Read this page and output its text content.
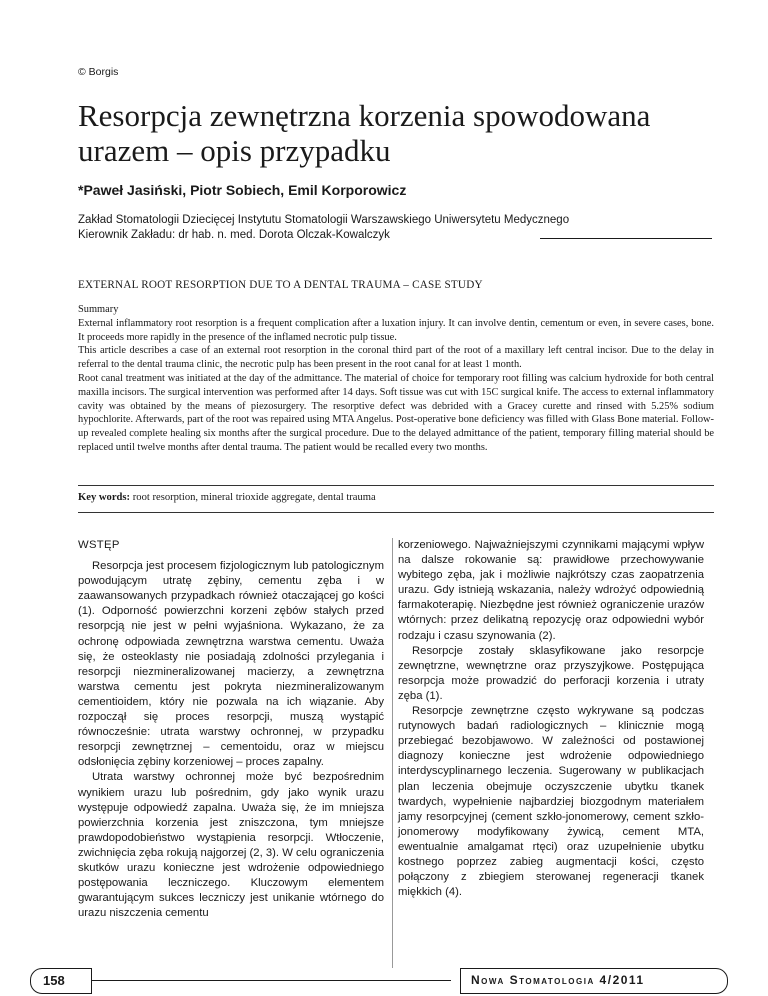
© Borgis
Resorpcja zewnętrzna korzenia spowodowana urazem – opis przypadku
*Paweł Jasiński, Piotr Sobiech, Emil Korporowicz
Zakład Stomatologii Dziecięcej Instytutu Stomatologii Warszawskiego Uniwersytetu Medycznego
Kierownik Zakładu: dr hab. n. med. Dorota Olczak-Kowalczyk
EXTERNAL ROOT RESORPTION DUE TO A DENTAL TRAUMA – CASE STUDY

Summary

External inflammatory root resorption is a frequent complication after a luxation injury. It can involve dentin, cementum or even, in severe cases, bone. It proceeds more rapidly in the presence of the inflamed necrotic pulp tissue.

This article describes a case of an external root resorption in the coronal third part of the root of a maxillary left central incisor. Due to the delay in referral to the dental trauma clinic, the necrotic pulp has been present in the root canal for at least 1 month.

Root canal treatment was initiated at the day of the admittance. The material of choice for temporary root filling was calcium hydroxide for both central maxilla incisors. The surgical intervention was performed after 14 days. Soft tissue was cut with 15C surgical knife. The access to external inflammatory cavity was obtained by the means of piezosurgery. The resorptive defect was debrided with a Gracey curette and rinsed with 5.25% sodium hypochlorite. Afterwards, part of the root was repaired using MTA Angelus. Post-operative bone deficiency was filled with Glass Bone material. Follow-up revealed complete healing six months after the surgical procedure. Due to the delayed admittance of the patient, temporary filling material should be replaced until twelve months after dental trauma. The patient would be recalled every two months.

Key words: root resorption, mineral trioxide aggregate, dental trauma
WSTĘP

Resorpcja jest procesem fizjologicznym lub patologicznym powodującym utratę zębiny, cementu zęba i w zaawansowanych przypadkach również otaczającej go kości (1). Odporność powierzchni korzeni zębów stałych przed resorpcją nie jest w pełni wyjaśniona. Wykazano, że za ochronę odpowiada zewnętrzna warstwa cementu. Uważa się, że osteoklasty nie posiadają zdolności przylegania i resorpcji niezmineralizowanej macierzy, a zewnętrzna warstwa cementu jest pokryta niezmineralizowanym cementioidem, który nie pozwala na ich wiązanie. Aby rozpoczął się proces resorpcji, muszą wystąpić równocześnie: utrata warstwy ochronnej, w przypadku resorpcji zewnętrznej – cementoidu, oraz w miejscu odsłonięcia zębiny korzeniowej – proces zapalny.

Utrata warstwy ochronnej może być bezpośrednim wynikiem urazu lub pośrednim, gdy jako wynik urazu występuje odpowiedź zapalna. Uważa się, że im mniejsza powierzchnia korzenia jest zniszczona, tym mniejsze prawdopodobieństwo wystąpienia resorpcji. Wtłoczenie, zwichnięcia zęba rokują najgorzej (2, 3). W celu ograniczenia skutków urazu konieczne jest wdrożenie odpowiedniego postępowania leczniczego. Kluczowym elementem gwarantującym sukces leczniczy jest unikanie wtórnego do urazu niszczenia cementu

korzeniowego. Najważniejszymi czynnikami mającymi wpływ na dalsze rokowanie są: prawidłowe przechowywanie wybitego zęba, jak i możliwie najkrótszy czas zaopatrzenia urazu. Gdy istnieją wskazania, należy wdrożyć odpowiednią farmakoterapię. Niezbędne jest również ograniczenie urazów wtórnych: przez delikatną repozycję oraz odpowiedni wybór rodzaju i czasu szynowania (2).

Resorpcje zostały sklasyfikowane jako resorpcje zewnętrzne, wewnętrzne oraz przyszyjkowe. Postępująca resorpcja może prowadzić do perforacji korzenia i utraty zęba (1).

Resorpcje zewnętrzne często wykrywane są podczas rutynowych badań radiologicznych – klinicznie mogą przebiegać bezobjawowo. W zależności od postawionej diagnozy konieczne jest wdrożenie odpowiedniego interdyscyplinarnego leczenia. Sugerowany w publikacjach plan leczenia obejmuje oczyszczenie ubytku tkanek twardych, wypełnienie najbardziej biozgodnym materiałem jamy resorpcyjnej (cement szkło-jonomerowy, cement szkło-jonomerowy modyfikowany żywicą, cement MTA, ewentualnie amalgamat rtęci) oraz uzupełnienie ubytku kostnego poprzez zabieg augmentacji kości, często połączony z zbiegiem sterowanej regeneracji tkanek miękkich (4).

158	Nowa Stomatologia 4/2011
